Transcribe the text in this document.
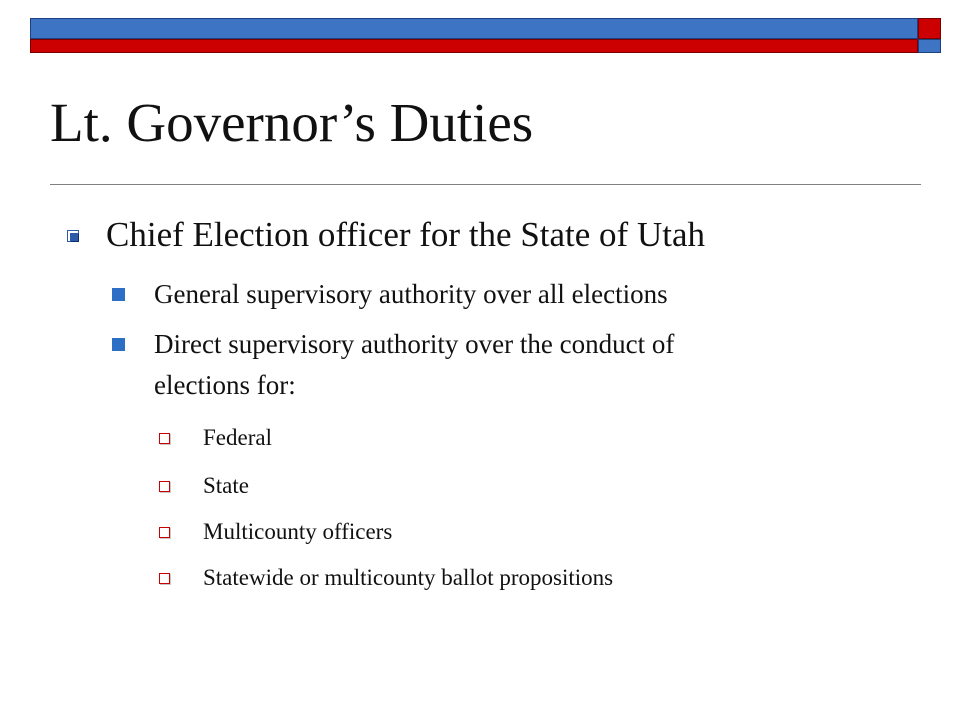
Lt. Governor’s Duties
Chief Election officer for the State of Utah
General supervisory authority over all elections
Direct supervisory authority over the conduct of
elections for:
Federal
State
Multicounty officers
Statewide or multicounty ballot propositions
